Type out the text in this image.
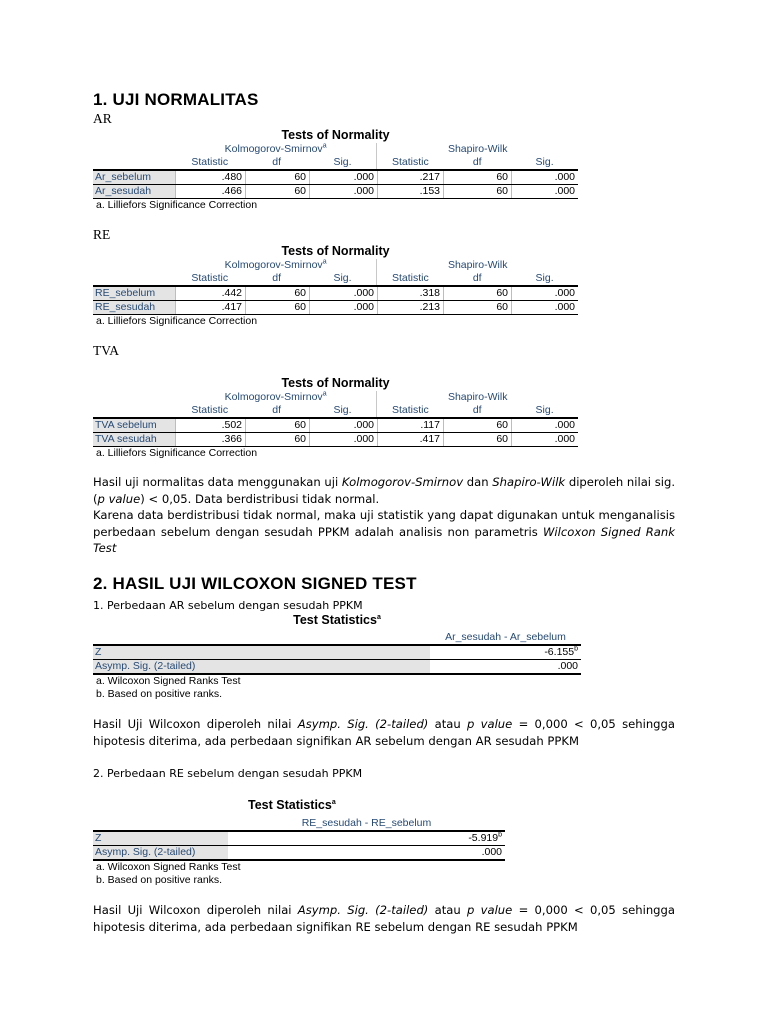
1. UJI NORMALITAS
AR
Tests of Normality
Kolmogorov-Smirnov$^a$	Shapiro-Wilk
Statistic	df	Sig.	Statistic	df	Sig.
Ar_sebelum	.480	60	.000	.217	60	.000
Ar_sesudah	.466	60	.000	.153	60	.000
a. Lilliefors Significance Correction
RE
Tests of Normality
Kolmogorov-Smirnov$^a$	Shapiro-Wilk
Statistic	df	Sig.	Statistic	df	Sig.
RE_sebelum	.442	60	.000	.318	60	.000
RE_sesudah	.417	60	.000	.213	60	.000
a. Lilliefors Significance Correction
TVA
Tests of Normality
Kolmogorov-Smirnov$^a$	Shapiro-Wilk
Statistic	df	Sig.	Statistic	df	Sig.
TVA sebelum	.502	60	.000	.117	60	.000
TVA sesudah	.366	60	.000	.417	60	.000
a. Lilliefors Significance Correction
Hasil uji normalitas data menggunakan uji Kolmogorov-Smirnov dan Shapiro-Wilk diperoleh nilai sig. (p value) < 0,05. Data berdistribusi tidak normal.
Karena data berdistribusi tidak normal, maka uji statistik yang dapat digunakan untuk menganalisis perbedaan sebelum dengan sesudah PPKM adalah analisis non parametris Wilcoxon Signed Rank Test
2. HASIL UJI WILCOXON SIGNED TEST
1. Perbedaan AR sebelum dengan sesudah PPKM
Test Statistics$^a$
Ar_sesudah - Ar_sebelum
Z	-6.155$^b$
Asymp. Sig. (2-tailed)	.000
a. Wilcoxon Signed Ranks Test
b. Based on positive ranks.
Hasil Uji Wilcoxon diperoleh nilai Asymp. Sig. (2-tailed) atau p value = 0,000 < 0,05 sehingga hipotesis diterima, ada perbedaan signifikan AR sebelum dengan AR sesudah PPKM
2. Perbedaan RE sebelum dengan sesudah PPKM
Test Statistics$^a$
RE_sesudah - RE_sebelum
Z	-5.919$^b$
Asymp. Sig. (2-tailed)	.000
a. Wilcoxon Signed Ranks Test
b. Based on positive ranks.
Hasil Uji Wilcoxon diperoleh nilai Asymp. Sig. (2-tailed) atau p value = 0,000 < 0,05 sehingga hipotesis diterima, ada perbedaan signifikan RE sebelum dengan RE sesudah PPKM
